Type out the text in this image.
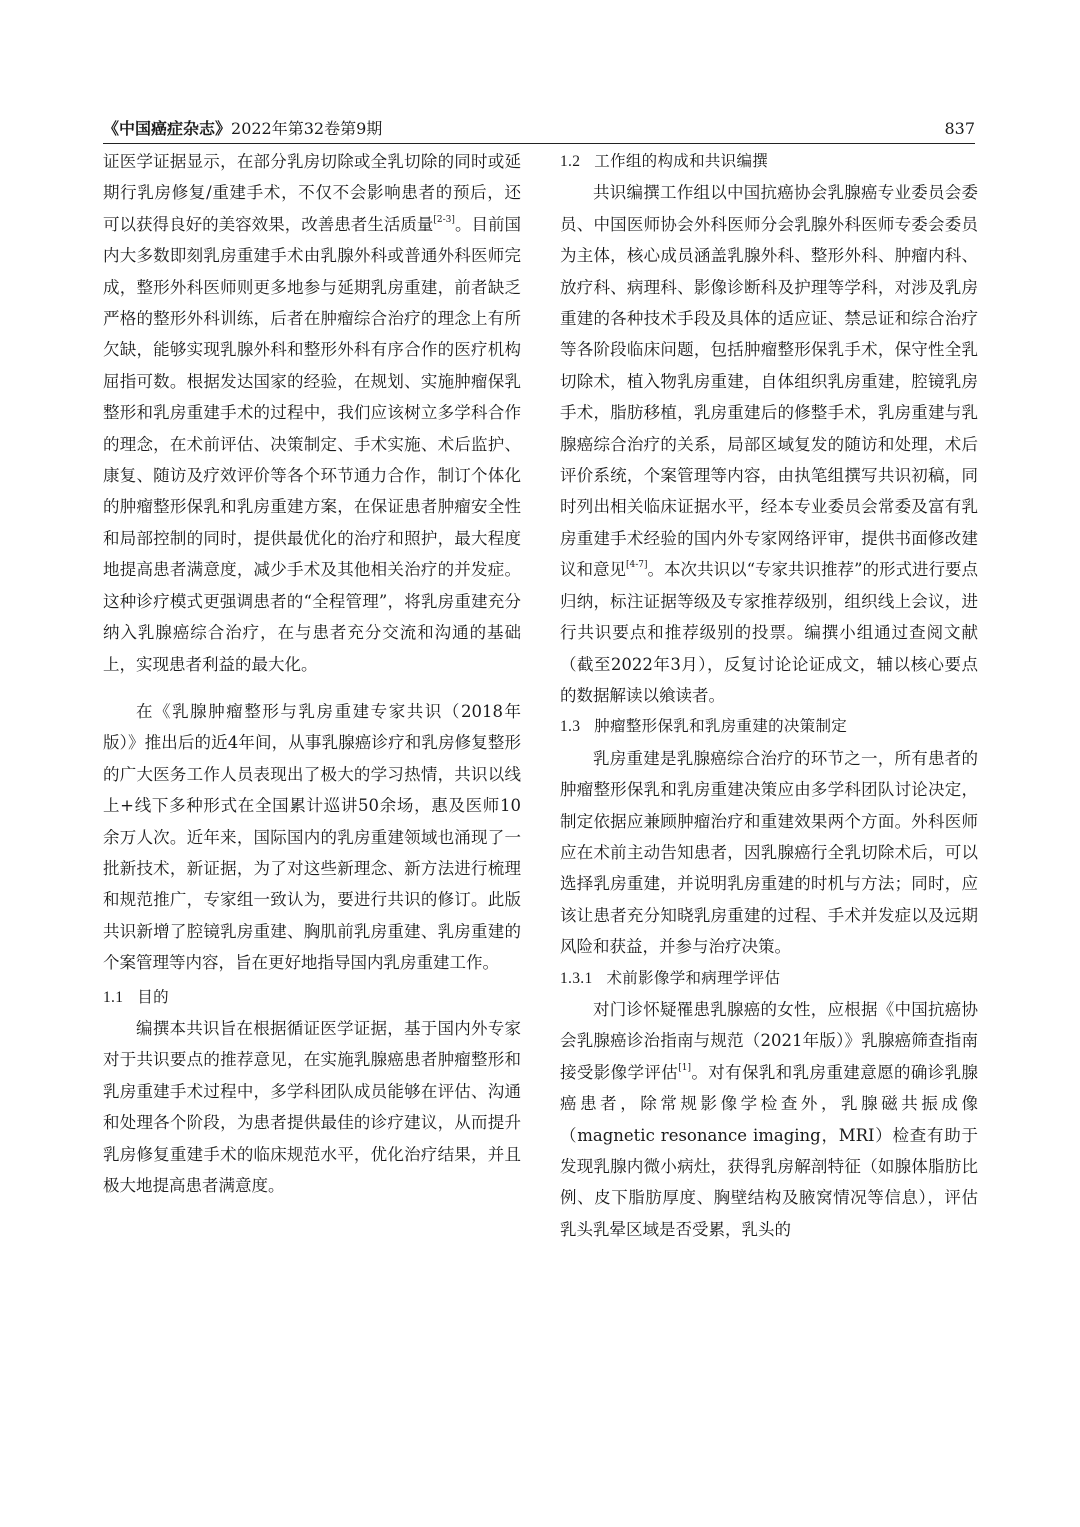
《中国癌症杂志》2022年第32卷第9期	837

证医学证据显示，在部分乳房切除或全乳切除的同时或延期行乳房修复/重建手术，不仅不会影响患者的预后，还可以获得良好的美容效果，改善患者生活质量[2-3]。目前国内大多数即刻乳房重建手术由乳腺外科或普通外科医师完成，整形外科医师则更多地参与延期乳房重建，前者缺乏严格的整形外科训练，后者在肿瘤综合治疗的理念上有所欠缺，能够实现乳腺外科和整形外科有序合作的医疗机构屈指可数。根据发达国家的经验，在规划、实施肿瘤保乳整形和乳房重建手术的过程中，我们应该树立多学科合作的理念，在术前评估、决策制定、手术实施、术后监护、康复、随访及疗效评价等各个环节通力合作，制订个体化的肿瘤整形保乳和乳房重建方案，在保证患者肿瘤安全性和局部控制的同时，提供最优化的治疗和照护，最大程度地提高患者满意度，减少手术及其他相关治疗的并发症。这种诊疗模式更强调患者的“全程管理”，将乳房重建充分纳入乳腺癌综合治疗，在与患者充分交流和沟通的基础上，实现患者利益的最大化。

在《乳腺肿瘤整形与乳房重建专家共识（2018年版）》推出后的近4年间，从事乳腺癌诊疗和乳房修复整形的广大医务工作人员表现出了极大的学习热情，共识以线上+线下多种形式在全国累计巡讲50余场，惠及医师10余万人次。近年来，国际国内的乳房重建领域也涌现了一批新技术，新证据，为了对这些新理念、新方法进行梳理和规范推广，专家组一致认为，要进行共识的修订。此版共识新增了腔镜乳房重建、胸肌前乳房重建、乳房重建的个案管理等内容，旨在更好地指导国内乳房重建工作。

1.1 目的

编撰本共识旨在根据循证医学证据，基于国内外专家对于共识要点的推荐意见，在实施乳腺癌患者肿瘤整形和乳房重建手术过程中，多学科团队成员能够在评估、沟通和处理各个阶段，为患者提供最佳的诊疗建议，从而提升乳房修复重建手术的临床规范水平，优化治疗结果，并且极大地提高患者满意度。

1.2 工作组的构成和共识编撰

共识编撰工作组以中国抗癌协会乳腺癌专业委员会委员、中国医师协会外科医师分会乳腺外科医师专委会委员为主体，核心成员涵盖乳腺外科、整形外科、肿瘤内科、放疗科、病理科、影像诊断科及护理等学科，对涉及乳房重建的各种技术手段及具体的适应证、禁忌证和综合治疗等各阶段临床问题，包括肿瘤整形保乳手术，保守性全乳切除术，植入物乳房重建，自体组织乳房重建，腔镜乳房手术，脂肪移植，乳房重建后的修整手术，乳房重建与乳腺癌综合治疗的关系，局部区域复发的随访和处理，术后评价系统，个案管理等内容，由执笔组撰写共识初稿，同时列出相关临床证据水平，经本专业委员会常委及富有乳房重建手术经验的国内外专家网络评审，提供书面修改建议和意见[4-7]。本次共识以“专家共识推荐”的形式进行要点归纳，标注证据等级及专家推荐级别，组织线上会议，进行共识要点和推荐级别的投票。编撰小组通过查阅文献（截至2022年3月），反复讨论论证成文，辅以核心要点的数据解读以飨读者。

1.3 肿瘤整形保乳和乳房重建的决策制定

乳房重建是乳腺癌综合治疗的环节之一，所有患者的肿瘤整形保乳和乳房重建决策应由多学科团队讨论决定，制定依据应兼顾肿瘤治疗和重建效果两个方面。外科医师应在术前主动告知患者，因乳腺癌行全乳切除术后，可以选择乳房重建，并说明乳房重建的时机与方法；同时，应该让患者充分知晓乳房重建的过程、手术并发症以及远期风险和获益，并参与治疗决策。

1.3.1 术前影像学和病理学评估

对门诊怀疑罹患乳腺癌的女性，应根据《中国抗癌协会乳腺癌诊治指南与规范（2021年版）》乳腺癌筛查指南接受影像学评估[1]。对有保乳和乳房重建意愿的确诊乳腺癌患者，除常规影像学检查外，乳腺磁共振成像（magnetic resonance imaging，MRI）检查有助于发现乳腺内微小病灶，获得乳房解剖特征（如腺体脂肪比例、皮下脂肪厚度、胸壁结构及腋窝情况等信息），评估乳头乳晕区域是否受累，乳头的
